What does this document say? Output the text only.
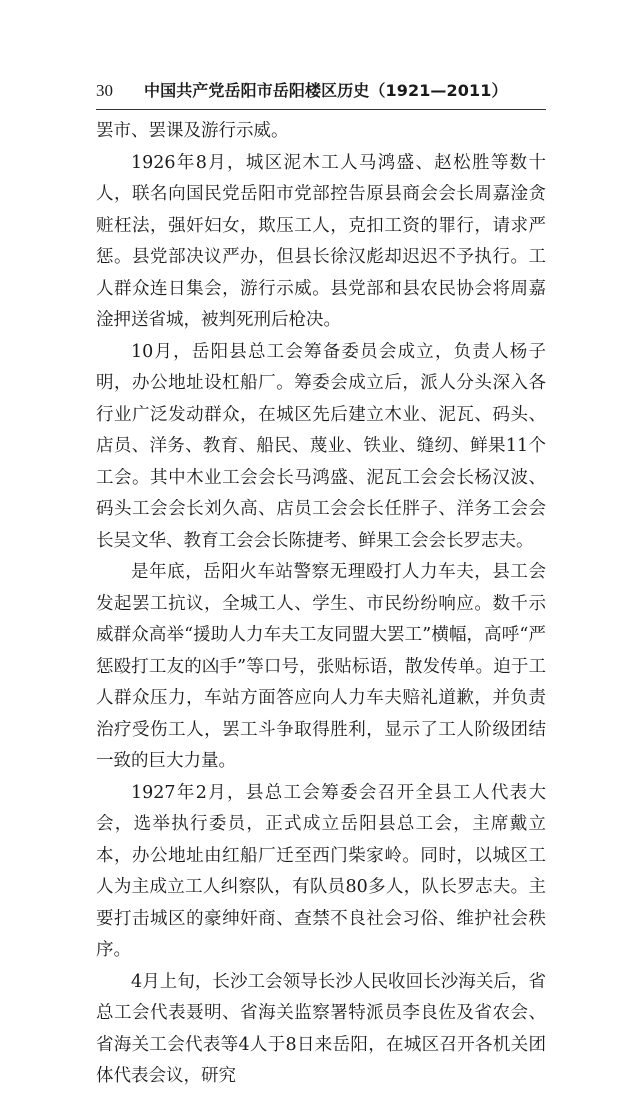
30	中国共产党岳阳市岳阳楼区历史（1921—2011）

罢市、罢课及游行示威。

1926年8月，城区泥木工人马鸿盛、赵松胜等数十人，联名向国民党岳阳市党部控告原县商会会长周嘉淦贪赃枉法，强奸妇女，欺压工人，克扣工资的罪行，请求严惩。县党部决议严办，但县长徐汉彪却迟迟不予执行。工人群众连日集会，游行示威。县党部和县农民协会将周嘉淦押送省城，被判死刑后枪决。

10月，岳阳县总工会筹备委员会成立，负责人杨子明，办公地址设杠船厂。筹委会成立后，派人分头深入各行业广泛发动群众，在城区先后建立木业、泥瓦、码头、店员、洋务、教育、船民、蔑业、铁业、缝纫、鲜果11个工会。其中木业工会会长马鸿盛、泥瓦工会会长杨汉波、码头工会会长刘久高、店员工会会长任胖子、洋务工会会长吴文华、教育工会会长陈捷考、鲜果工会会长罗志夫。

是年底，岳阳火车站警察无理殴打人力车夫，县工会发起罢工抗议，全城工人、学生、市民纷纷响应。数千示威群众高举“援助人力车夫工友同盟大罢工”横幅，高呼“严惩殴打工友的凶手”等口号，张贴标语，散发传单。迫于工人群众压力，车站方面答应向人力车夫赔礼道歉，并负责治疗受伤工人，罢工斗争取得胜利，显示了工人阶级团结一致的巨大力量。

1927年2月，县总工会筹委会召开全县工人代表大会，选举执行委员，正式成立岳阳县总工会，主席戴立本，办公地址由红船厂迁至西门柴家岭。同时，以城区工人为主成立工人纠察队，有队员80多人，队长罗志夫。主要打击城区的豪绅奸商、查禁不良社会习俗、维护社会秩序。

4月上旬，长沙工会领导长沙人民收回长沙海关后，省总工会代表聂明、省海关监察署特派员李良佐及省农会、省海关工会代表等4人于8日来岳阳，在城区召开各机关团体代表会议，研究
